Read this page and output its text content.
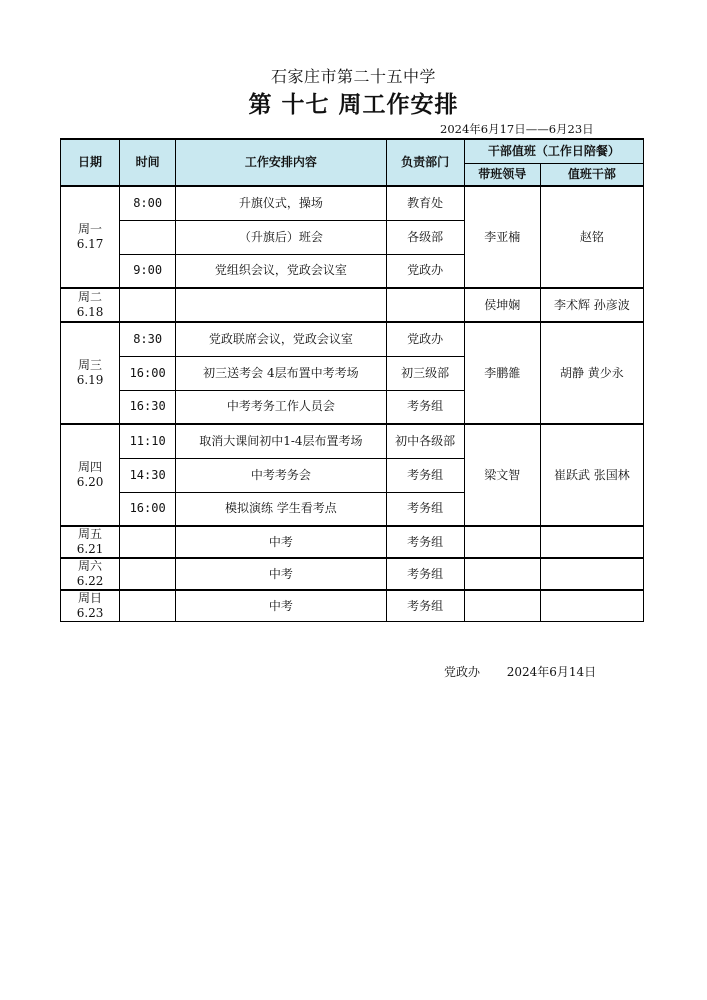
石家庄市第二十五中学
第 十七 周工作安排
2024年6月17日——6月23日
日期	时间	工作安排内容	负责部门	干部值班（工作日陪餐）	
				带班领导	值班干部

周一
6.17	8:00	升旗仪式，操场	教育处	李亚楠	赵铭
		（升旗后）班会	各级部		
	9:00	党组织会议，党政会议室	党政办		

周二
6.18				侯坤娴	李术辉 孙彦波

周三
6.19	8:30	党政联席会议，党政会议室	党政办	李鹏雒	胡静 黄少永
	16:00	初三送考会 4层布置中考考场	初三级部		
	16:30	中考考务工作人员会	考务组		

周四
6.20	11:10	取消大课间初中1-4层布置考场	初中各级部	梁文智	崔跃武 张国林
	14:30	中考考务会	考务组		
	16:00	模拟演练 学生看考点	考务组		

周五
6.21		中考	考务组		

周六
6.22		中考	考务组		

周日
6.23		中考	考务组		
党政办 2024年6月14日
